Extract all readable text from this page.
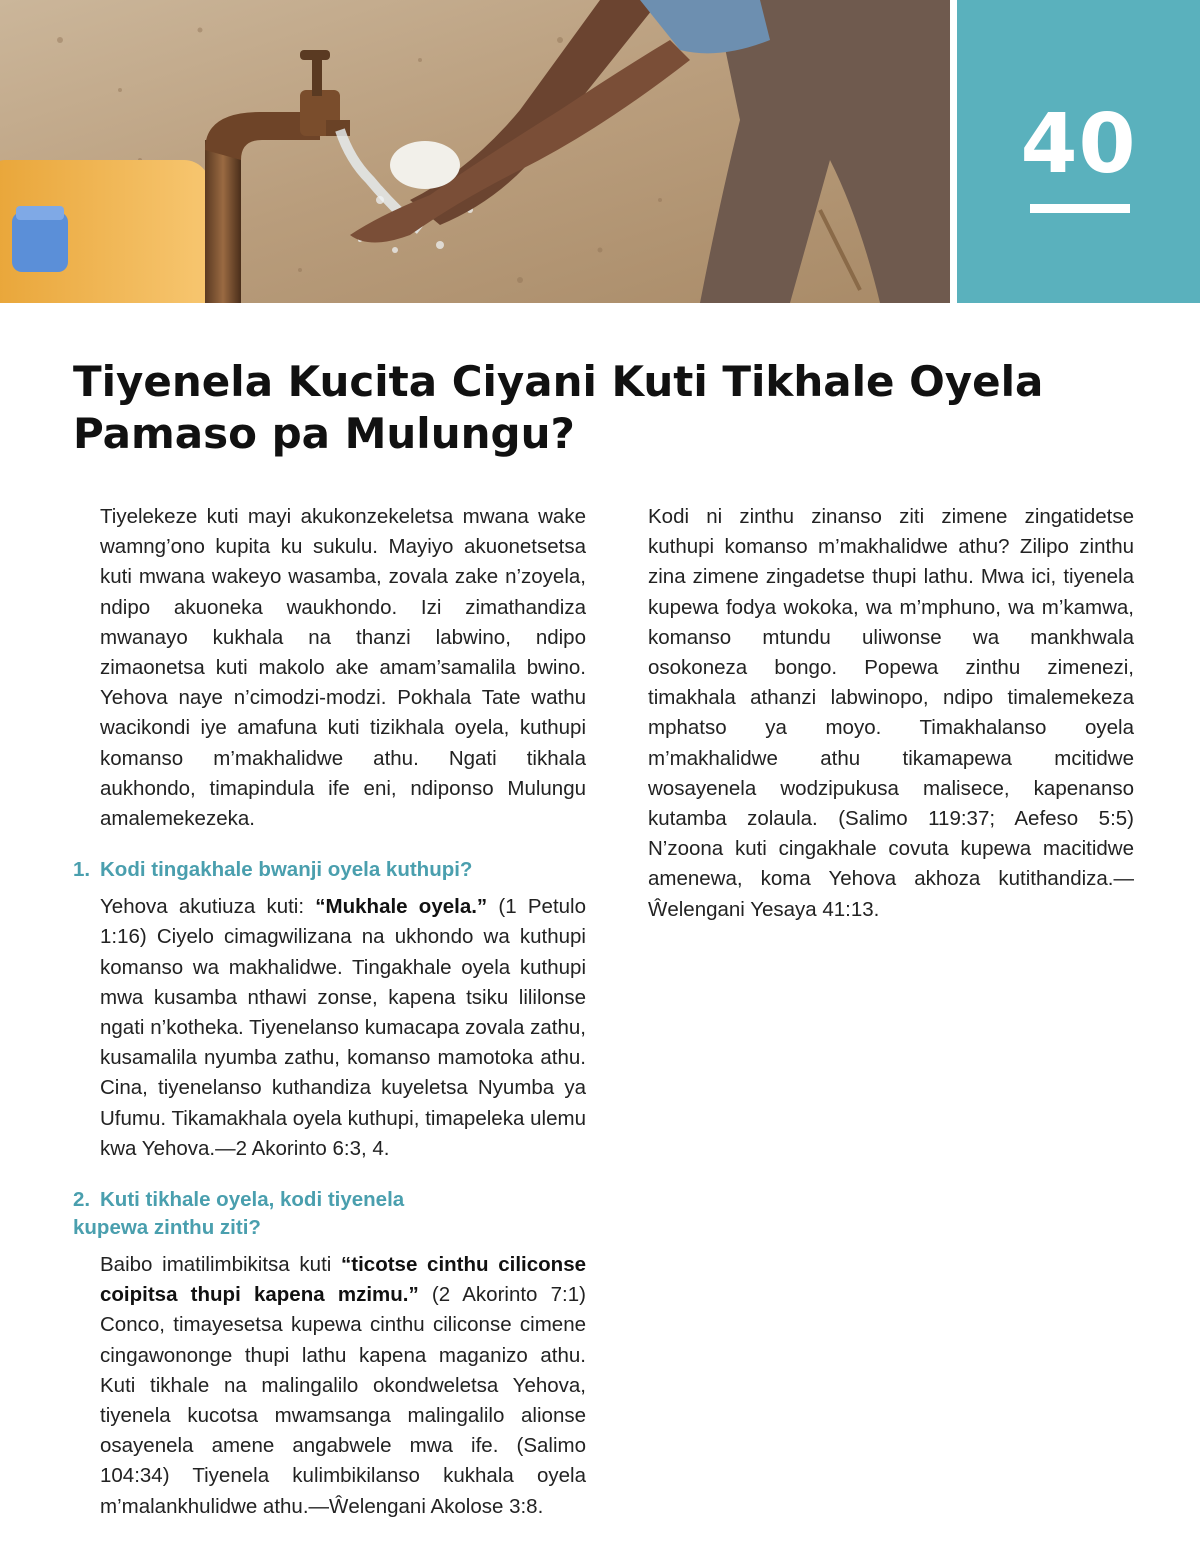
40
Tiyenela Kucita Ciyani Kuti Tikhale Oyela Pamaso pa Mulungu?

Tiyelekeze kuti mayi akukonzekeletsa mwana wake wamng’ono kupita ku sukulu. Mayiyo akuonetsetsa kuti mwana wakeyo wasamba, zovala zake n’zoyela, ndipo akuoneka waukhondo. Izi zimathandiza mwanayo kukhala na thanzi labwino, ndipo zimaonetsa kuti makolo ake amam’samalila bwino. Yehova naye n’cimodzi-modzi. Pokhala Tate wathu wacikondi iye amafuna kuti tizikhala oyela, kuthupi komanso m’makhalidwe athu. Ngati tikhala aukhondo, timapindula ife eni, ndiponso Mulungu amalemekezeka.

1. Kodi tingakhale bwanji oyela kuthupi?

Yehova akutiuza kuti: “Mukhale oyela.” (1 Petulo 1:16) Ciyelo cimagwilizana na ukhondo wa kuthupi komanso wa makhalidwe. Tingakhale oyela kuthupi mwa kusamba nthawi zonse, kapena tsiku lililonse ngati n’kotheka. Tiyenelanso kumacapa zovala zathu, kusamalila nyumba zathu, komanso mamotoka athu. Cina, tiyenelanso kuthandiza kuyeletsa Nyumba ya Ufumu. Tikamakhala oyela kuthupi, timapeleka ulemu kwa Yehova.—2 Akorinto 6:3, 4.

2. Kuti tikhale oyela, kodi tiyenela kupewa zinthu ziti?

Baibo imatilimbikitsa kuti “ticotse cinthu ciliconse coipitsa thupi kapena mzimu.” (2 Akorinto 7:1) Conco, timayesetsa kupewa cinthu ciliconse cimene cingawononge thupi lathu kapena maganizo athu. Kuti tikhale na malingalilo okondweletsa Yehova, tiyenela kucotsa mwamsanga malingalilo alionse osayenela amene angabwele mwa ife. (Salimo 104:34) Tiyenela kulimbikilanso kukhala oyela m’malankhulidwe athu.—Ŵelengani Akolose 3:8.

Kodi ni zinthu zinanso ziti zimene zingatidetse kuthupi komanso m’makhalidwe athu? Zilipo zinthu zina zimene zingadetse thupi lathu. Mwa ici, tiyenela kupewa fodya wokoka, wa m’mphuno, wa m’kamwa, komanso mtundu uliwonse wa mankhwala osokoneza bongo. Popewa zinthu zimenezi, timakhala athanzi labwinopo, ndipo timalemekeza mphatso ya moyo. Timakhalanso oyela m’makhalidwe athu tikamapewa mcitidwe wosayenela wodzipukusa malisece, kapenanso kutamba zolaula. (Salimo 119:37; Aefeso 5:5) N’zoona kuti cingakhale covuta kupewa macitidwe amenewa, koma Yehova akhoza kutithandiza.—Ŵelengani Yesaya 41:13.
